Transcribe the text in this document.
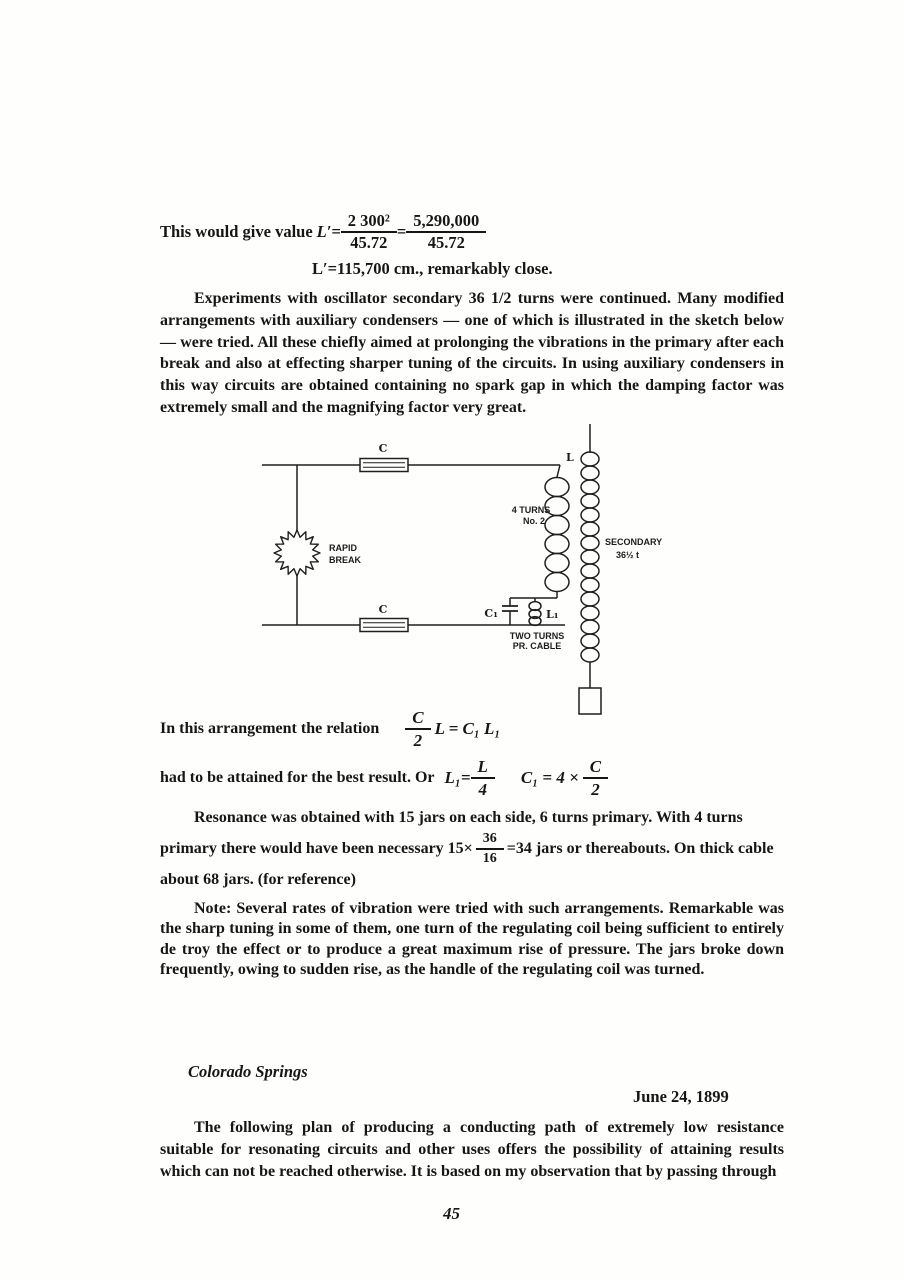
This would give value $L'= \frac{\text{2 300²}}{45.72} = \frac{5,290,000}{45.72}$
L′=115,700 cm., remarkably close.
Experiments with oscillator secondary 36 1/2 turns were continued. Many modified arrangements with auxiliary condensers — one of which is illustrated in the sketch below — were tried. All these chiefly aimed at prolonging the vibrations in the primary after each break and also at effecting sharper tuning of the circuits. In using auxiliary condensers in this way circuits are obtained containing no spark gap in which the damping factor was extremely small and the magnifying factor very great.
C
C
L
4 TURNS
No. 2
RAPID
BREAK
SECONDARY
36½ t
C₁	L₁
TWO TURNS
PR. CABLE
In this arrangement the relation $\frac{C}{2}$ L = C₁ L₁
had to be attained for the best result. Or $L_1= \frac{L}{4} C_1 = 4 \times \frac{C}{2}$
Resonance was obtained with 15 jars on each side, 6 turns primary. With 4 turns
primary there would have been necessary $15\times \frac{36}{16} =34$ jars or thereabouts. On thick cable
about 68 jars. (for reference)
Note: Several rates of vibration were tried with such arrangements. Remarkable was the sharp tuning in some of them, one turn of the regulating coil being sufficient to entirely de troy the effect or to produce a great maximum rise of pressure. The jars broke down frequently, owing to sudden rise, as the handle of the regulating coil was turned.
Colorado Springs
June 24, 1899
The following plan of producing a conducting path of extremely low resistance suitable for resonating circuits and other uses offers the possibility of attaining results which can not be reached otherwise. It is based on my observation that by passing through
45
